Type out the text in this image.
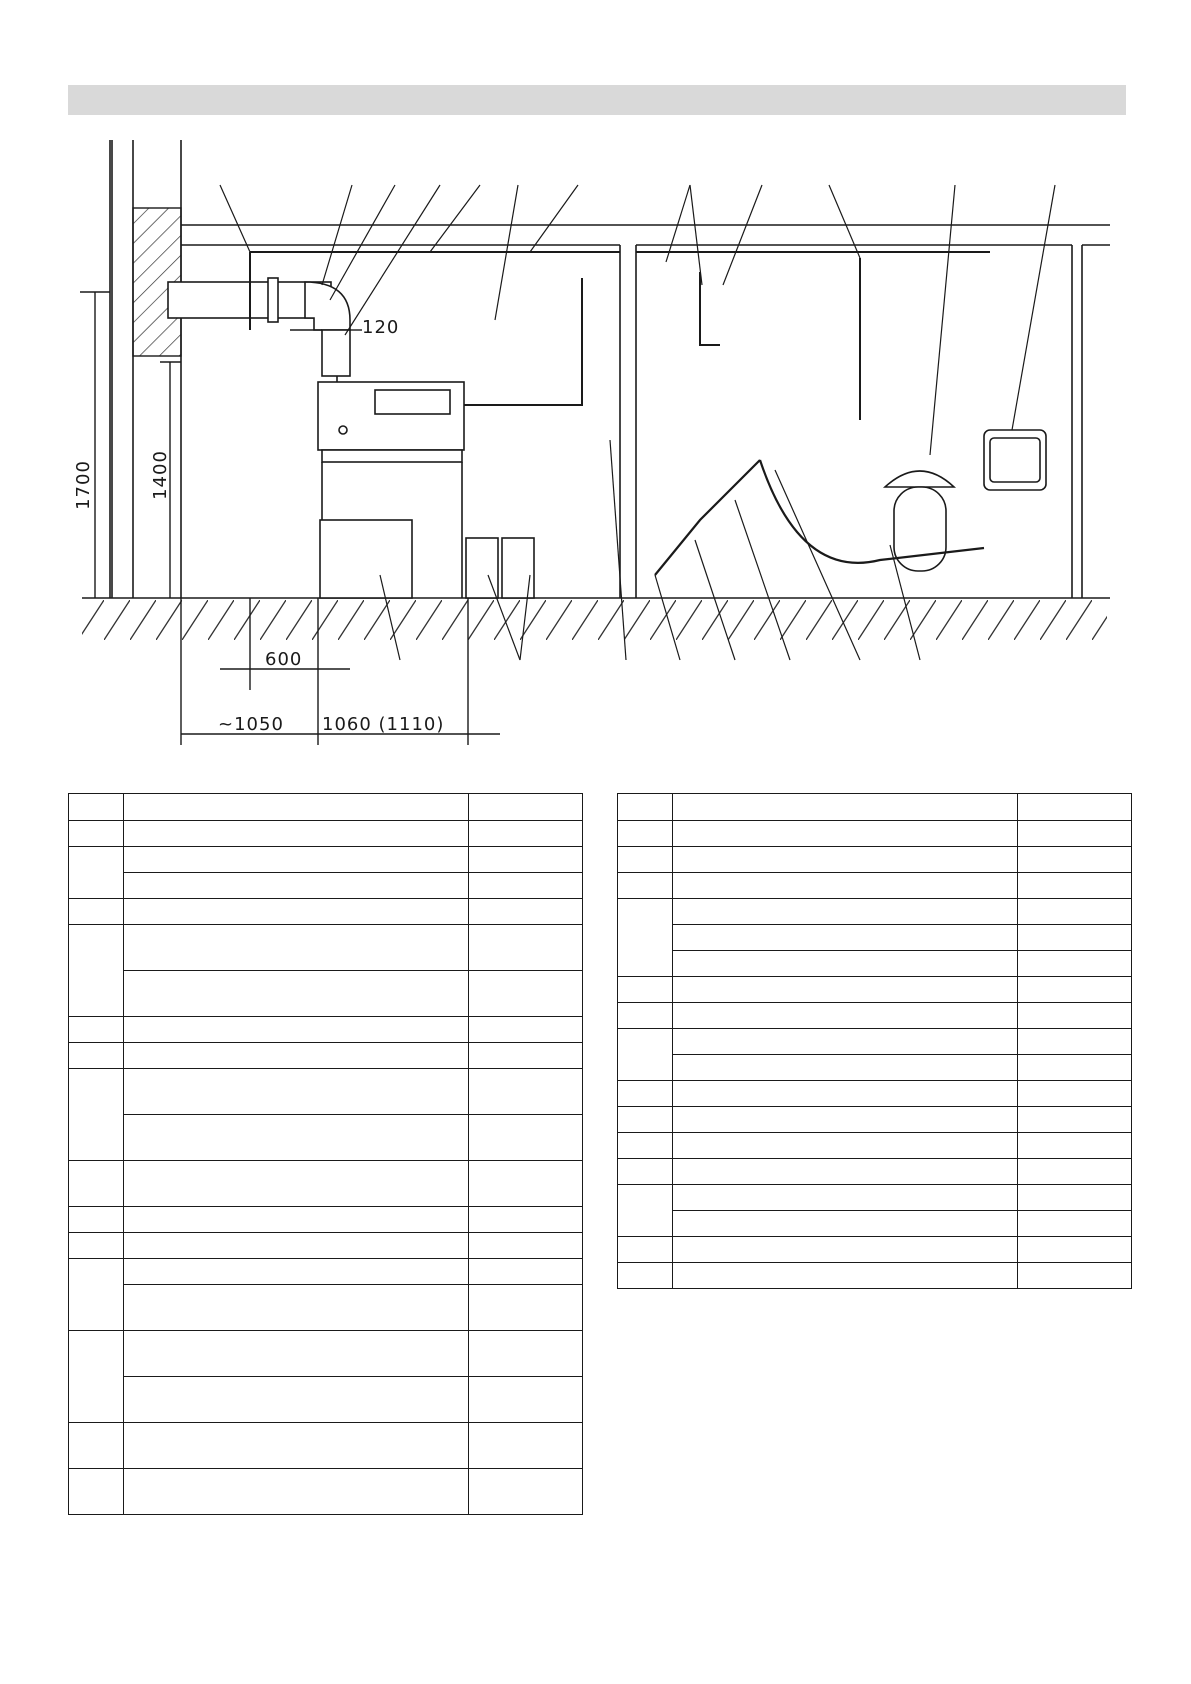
1700	1400
120
600
~1050 1060 (1110)
